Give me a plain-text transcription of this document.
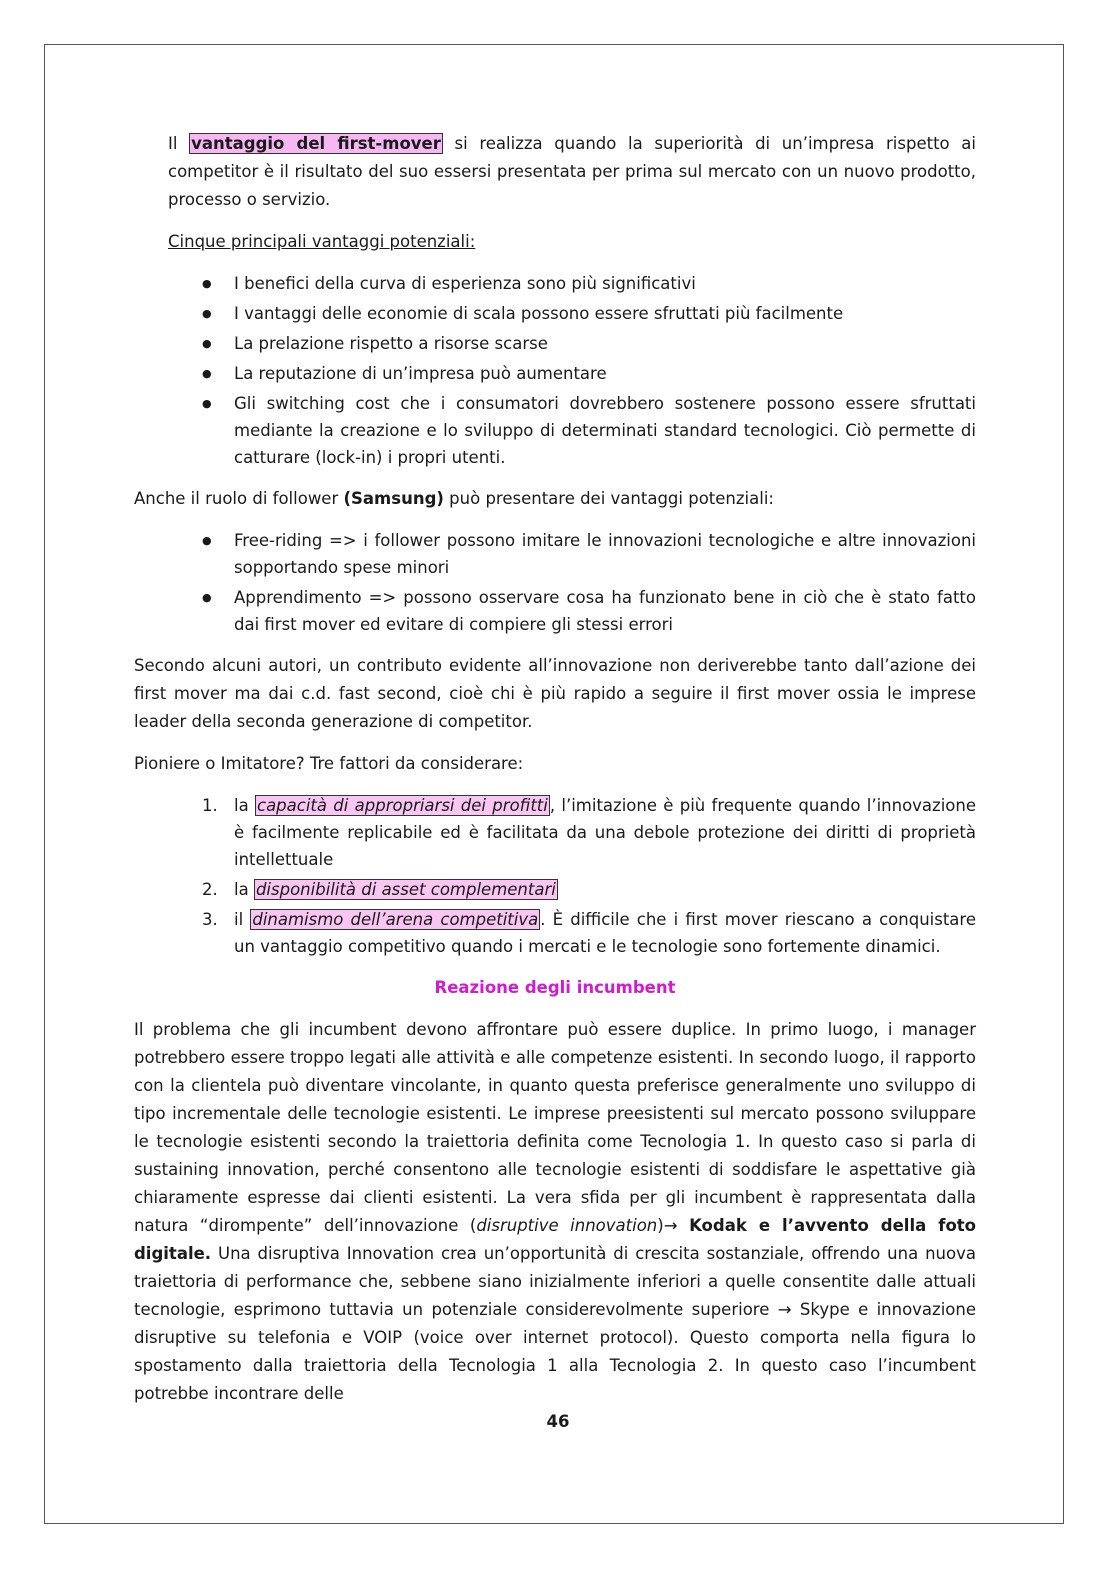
Il vantaggio del first-mover si realizza quando la superiorità di un’impresa rispetto ai competitor è il risultato del suo essersi presentata per prima sul mercato con un nuovo prodotto, processo o servizio.

Cinque principali vantaggi potenziali:

● I benefici della curva di esperienza sono più significativi
● I vantaggi delle economie di scala possono essere sfruttati più facilmente
● La prelazione rispetto a risorse scarse
● La reputazione di un’impresa può aumentare
● Gli switching cost che i consumatori dovrebbero sostenere possono essere sfruttati mediante la creazione e lo sviluppo di determinati standard tecnologici. Ciò permette di catturare (lock-in) i propri utenti.

Anche il ruolo di follower (Samsung) può presentare dei vantaggi potenziali:

● Free-riding => i follower possono imitare le innovazioni tecnologiche e altre innovazioni sopportando spese minori
● Apprendimento => possono osservare cosa ha funzionato bene in ciò che è stato fatto dai first mover ed evitare di compiere gli stessi errori

Secondo alcuni autori, un contributo evidente all’innovazione non deriverebbe tanto dall’azione dei first mover ma dai c.d. fast second, cioè chi è più rapido a seguire il first mover ossia le imprese leader della seconda generazione di competitor.

Pioniere o Imitatore? Tre fattori da considerare:

1. la capacità di appropriarsi dei profitti , l’imitazione è più frequente quando l’innovazione è facilmente replicabile ed è facilitata da una debole protezione dei diritti di proprietà intellettuale
2. la disponibilità di asset complementari
3. il dinamismo dell’arena competitiva . È difficile che i first mover riescano a conquistare un vantaggio competitivo quando i mercati e le tecnologie sono fortemente dinamici.
Reazione degli incumbent

Il problema che gli incumbent devono affrontare può essere duplice. In primo luogo, i manager potrebbero essere troppo legati alle attività e alle competenze esistenti. In secondo luogo, il rapporto con la clientela può diventare vincolante, in quanto questa preferisce generalmente uno sviluppo di tipo incrementale delle tecnologie esistenti. Le imprese preesistenti sul mercato possono sviluppare le tecnologie esistenti secondo la traiettoria definita come Tecnologia 1. In questo caso si parla di sustaining innovation, perché consentono alle tecnologie esistenti di soddisfare le aspettative già chiaramente espresse dai clienti esistenti. La vera sfida per gli incumbent è rappresentata dalla natura “dirompente” dell’innovazione (disruptive innovation)→ Kodak e l’avvento della foto digitale. Una disruptiva Innovation crea un’opportunità di crescita sostanziale, offrendo una nuova traiettoria di performance che, sebbene siano inizialmente inferiori a quelle consentite dalle attuali tecnologie, esprimono tuttavia un potenziale considerevolmente superiore → Skype e innovazione disruptive su telefonia e VOIP (voice over internet protocol). Questo comporta nella figura lo spostamento dalla traiettoria della Tecnologia 1 alla Tecnologia 2. In questo caso l’incumbent potrebbe incontrare delle

46
